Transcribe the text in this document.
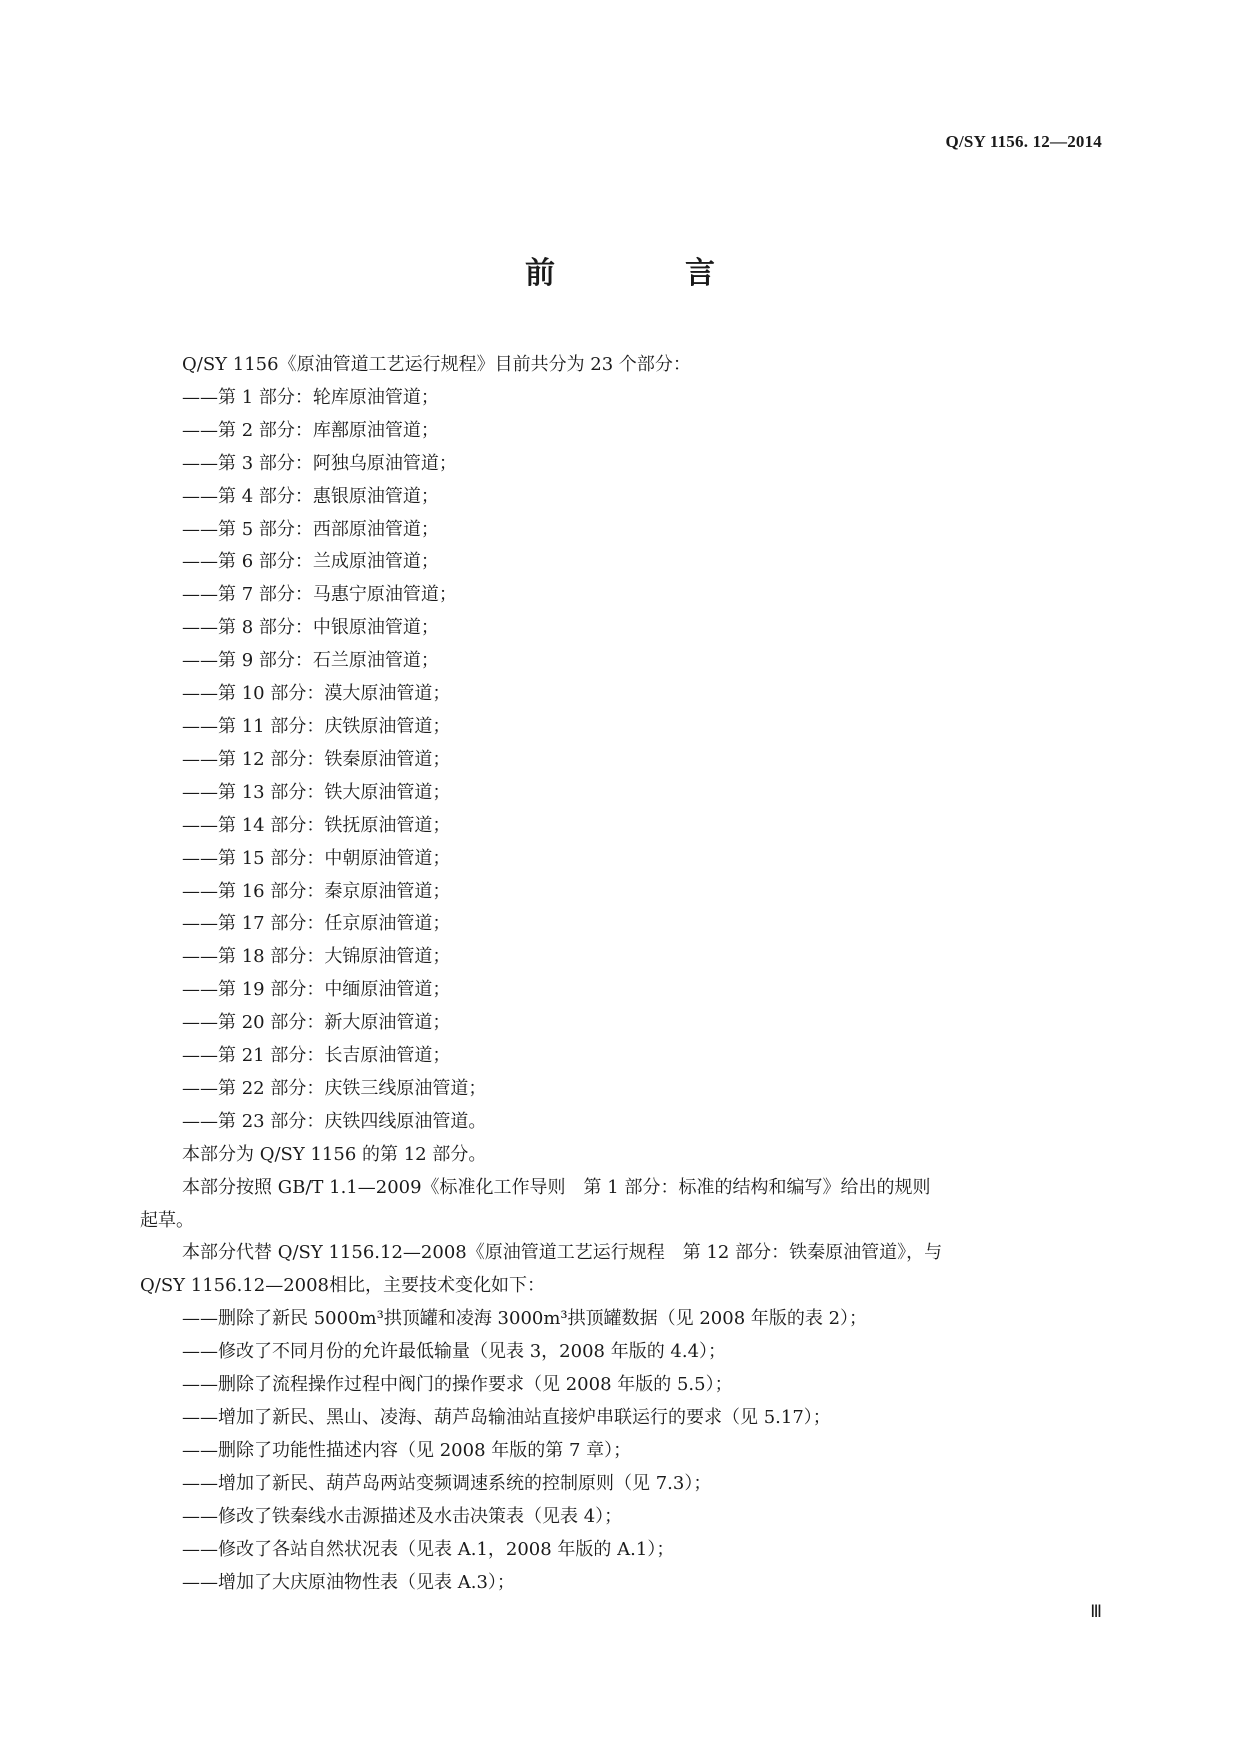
Q/SY 1156. 12—2014
前　言
Q/SY 1156《原油管道工艺运行规程》目前共分为 23 个部分：
——第 1 部分：轮库原油管道；
——第 2 部分：库鄯原油管道；
——第 3 部分：阿独乌原油管道；
——第 4 部分：惠银原油管道；
——第 5 部分：西部原油管道；
——第 6 部分：兰成原油管道；
——第 7 部分：马惠宁原油管道；
——第 8 部分：中银原油管道；
——第 9 部分：石兰原油管道；
——第 10 部分：漠大原油管道；
——第 11 部分：庆铁原油管道；
——第 12 部分：铁秦原油管道；
——第 13 部分：铁大原油管道；
——第 14 部分：铁抚原油管道；
——第 15 部分：中朝原油管道；
——第 16 部分：秦京原油管道；
——第 17 部分：任京原油管道；
——第 18 部分：大锦原油管道；
——第 19 部分：中缅原油管道；
——第 20 部分：新大原油管道；
——第 21 部分：长吉原油管道；
——第 22 部分：庆铁三线原油管道；
——第 23 部分：庆铁四线原油管道。
本部分为 Q/SY 1156 的第 12 部分。
本部分按照 GB/T 1.1—2009《标准化工作导则　第 1 部分：标准的结构和编写》给出的规则
起草。
本部分代替 Q/SY 1156.12—2008《原油管道工艺运行规程　第 12 部分：铁秦原油管道》，与
Q/SY 1156.12—2008相比，主要技术变化如下：
——删除了新民 5000m³拱顶罐和凌海 3000m³拱顶罐数据（见 2008 年版的表 2）；
——修改了不同月份的允许最低输量（见表 3，2008 年版的 4.4）；
——删除了流程操作过程中阀门的操作要求（见 2008 年版的 5.5）；
——增加了新民、黑山、凌海、葫芦岛输油站直接炉串联运行的要求（见 5.17）；
——删除了功能性描述内容（见 2008 年版的第 7 章）；
——增加了新民、葫芦岛两站变频调速系统的控制原则（见 7.3）；
——修改了铁秦线水击源描述及水击决策表（见表 4）；
——修改了各站自然状况表（见表 A.1，2008 年版的 A.1）；
——增加了大庆原油物性表（见表 A.3）；
Ⅲ
